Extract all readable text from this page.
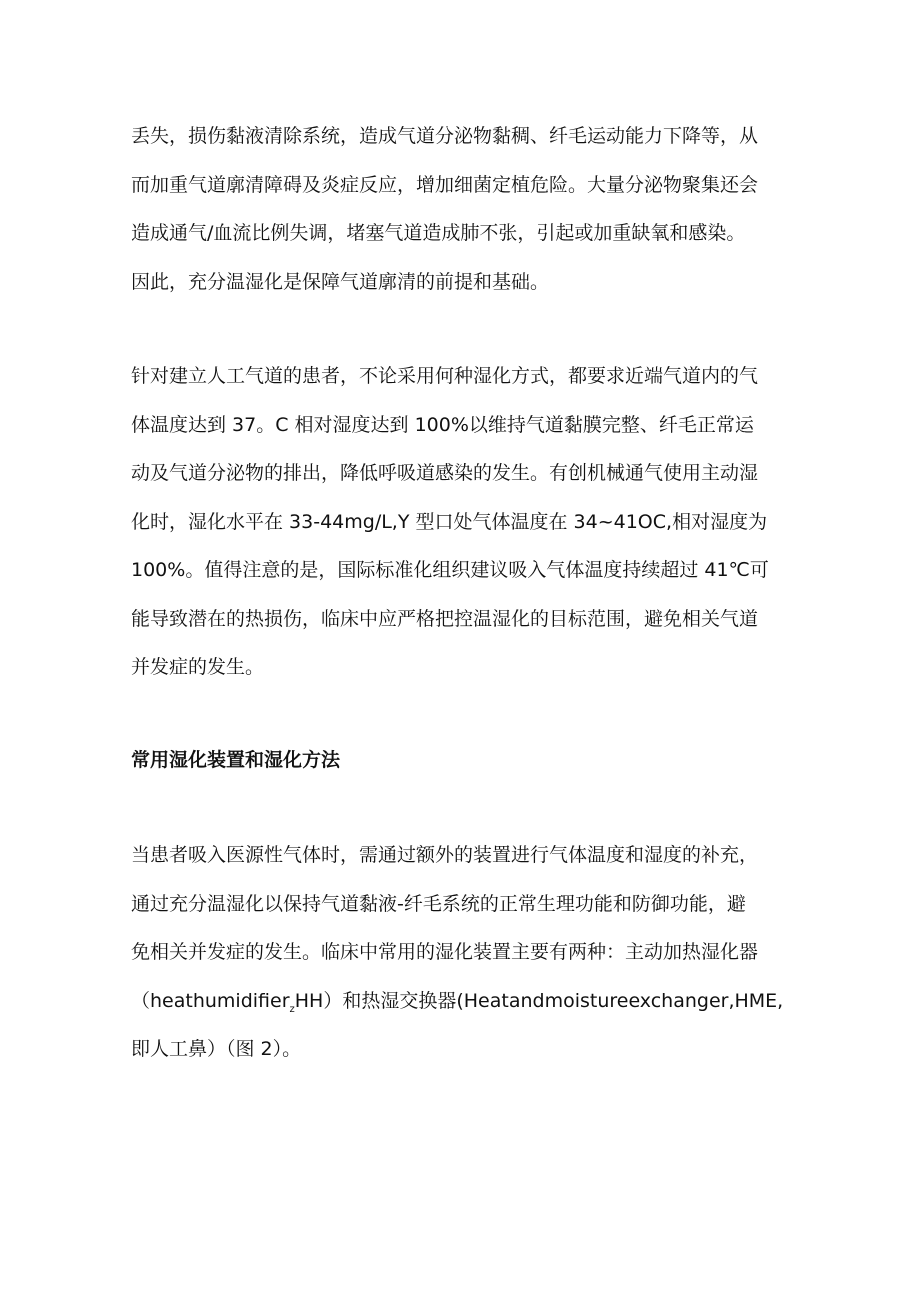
丢失，损伤黏液清除系统，造成气道分泌物黏稠、纤毛运动能力下降等，从
而加重气道廓清障碍及炎症反应，增加细菌定植危险。大量分泌物聚集还会
造成通气/血流比例失调，堵塞气道造成肺不张，引起或加重缺氧和感染。
因此，充分温湿化是保障气道廓清的前提和基础。
针对建立人工气道的患者，不论采用何种湿化方式，都要求近端气道内的气
体温度达到 37。C 相对湿度达到 100%以维持气道黏膜完整、纤毛正常运
动及气道分泌物的排出，降低呼吸道感染的发生。有创机械通气使用主动湿
化时，湿化水平在 33-44mg/L,Y 型口处气体温度在 34~41OC,相对湿度为
100%。值得注意的是，国际标准化组织建议吸入气体温度持续超过 41℃可
能导致潜在的热损伤，临床中应严格把控温湿化的目标范围，避免相关气道
并发症的发生。
常用湿化装置和湿化方法
当患者吸入医源性气体时，需通过额外的装置进行气体温度和湿度的补充，
通过充分温湿化以保持气道黏液-纤毛系统的正常生理功能和防御功能，避
免相关并发症的发生。临床中常用的湿化装置主要有两种：主动加热湿化器
（heathumidifier$_z$HH）和热湿交换器(Heatandmoistureexchanger,HME,
即人工鼻）（图 2）。
